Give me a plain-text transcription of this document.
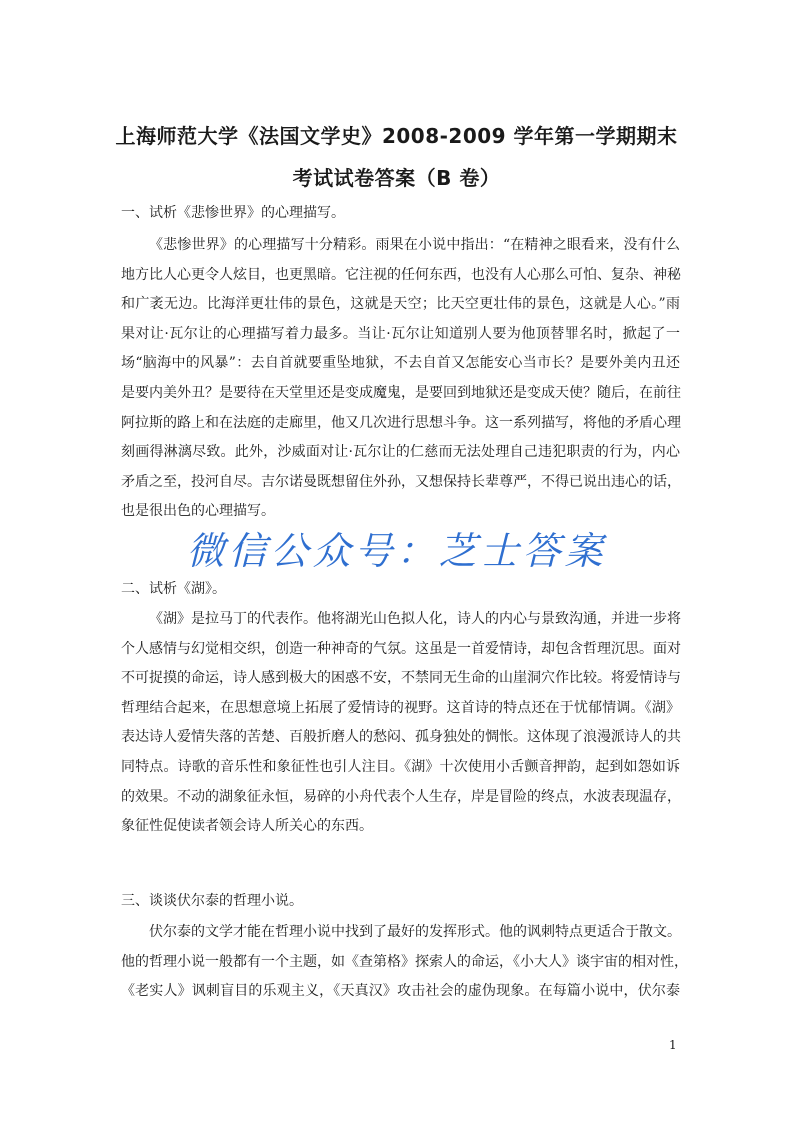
上海师范大学《法国文学史》2008-2009 学年第一学期期末
考试试卷答案（B 卷）
一、试析《悲惨世界》的心理描写。
《悲惨世界》的心理描写十分精彩。雨果在小说中指出：“在精神之眼看来，没有什么
地方比人心更令人炫目，也更黑暗。它注视的任何东西，也没有人心那么可怕、复杂、神秘
和广袤无边。比海洋更壮伟的景色，这就是天空；比天空更壮伟的景色，这就是人心。”雨
果对让·瓦尔让的心理描写着力最多。当让·瓦尔让知道别人要为他顶替罪名时，掀起了一
场“脑海中的风暴”：去自首就要重坠地狱，不去自首又怎能安心当市长？是要外美内丑还
是要内美外丑？是要待在天堂里还是变成魔鬼，是要回到地狱还是变成天使？随后，在前往
阿拉斯的路上和在法庭的走廊里，他又几次进行思想斗争。这一系列描写，将他的矛盾心理
刻画得淋漓尽致。此外，沙威面对让·瓦尔让的仁慈而无法处理自己违犯职责的行为，内心
矛盾之至，投河自尽。吉尔诺曼既想留住外孙，又想保持长辈尊严，不得已说出违心的话，
也是很出色的心理描写。
二、试析《湖》。
《湖》是拉马丁的代表作。他将湖光山色拟人化，诗人的内心与景致沟通，并进一步将
个人感情与幻觉相交织，创造一种神奇的气氛。这虽是一首爱情诗，却包含哲理沉思。面对
不可捉摸的命运，诗人感到极大的困惑不安，不禁同无生命的山崖洞穴作比较。将爱情诗与
哲理结合起来，在思想意境上拓展了爱情诗的视野。这首诗的特点还在于忧郁情调。《湖》
表达诗人爱情失落的苦楚、百般折磨人的愁闷、孤身独处的惆怅。这体现了浪漫派诗人的共
同特点。诗歌的音乐性和象征性也引人注目。《湖》十次使用小舌颤音押韵，起到如怨如诉
的效果。不动的湖象征永恒，易碎的小舟代表个人生存，岸是冒险的终点，水波表现温存，
象征性促使读者领会诗人所关心的东西。
三、谈谈伏尔泰的哲理小说。
伏尔泰的文学才能在哲理小说中找到了最好的发挥形式。他的讽刺特点更适合于散文。
他的哲理小说一般都有一个主题，如《查第格》探索人的命运，《小大人》谈宇宙的相对性，
《老实人》讽刺盲目的乐观主义，《天真汉》攻击社会的虚伪现象。在每篇小说中，伏尔泰
微信公众号：芝士答案
1
